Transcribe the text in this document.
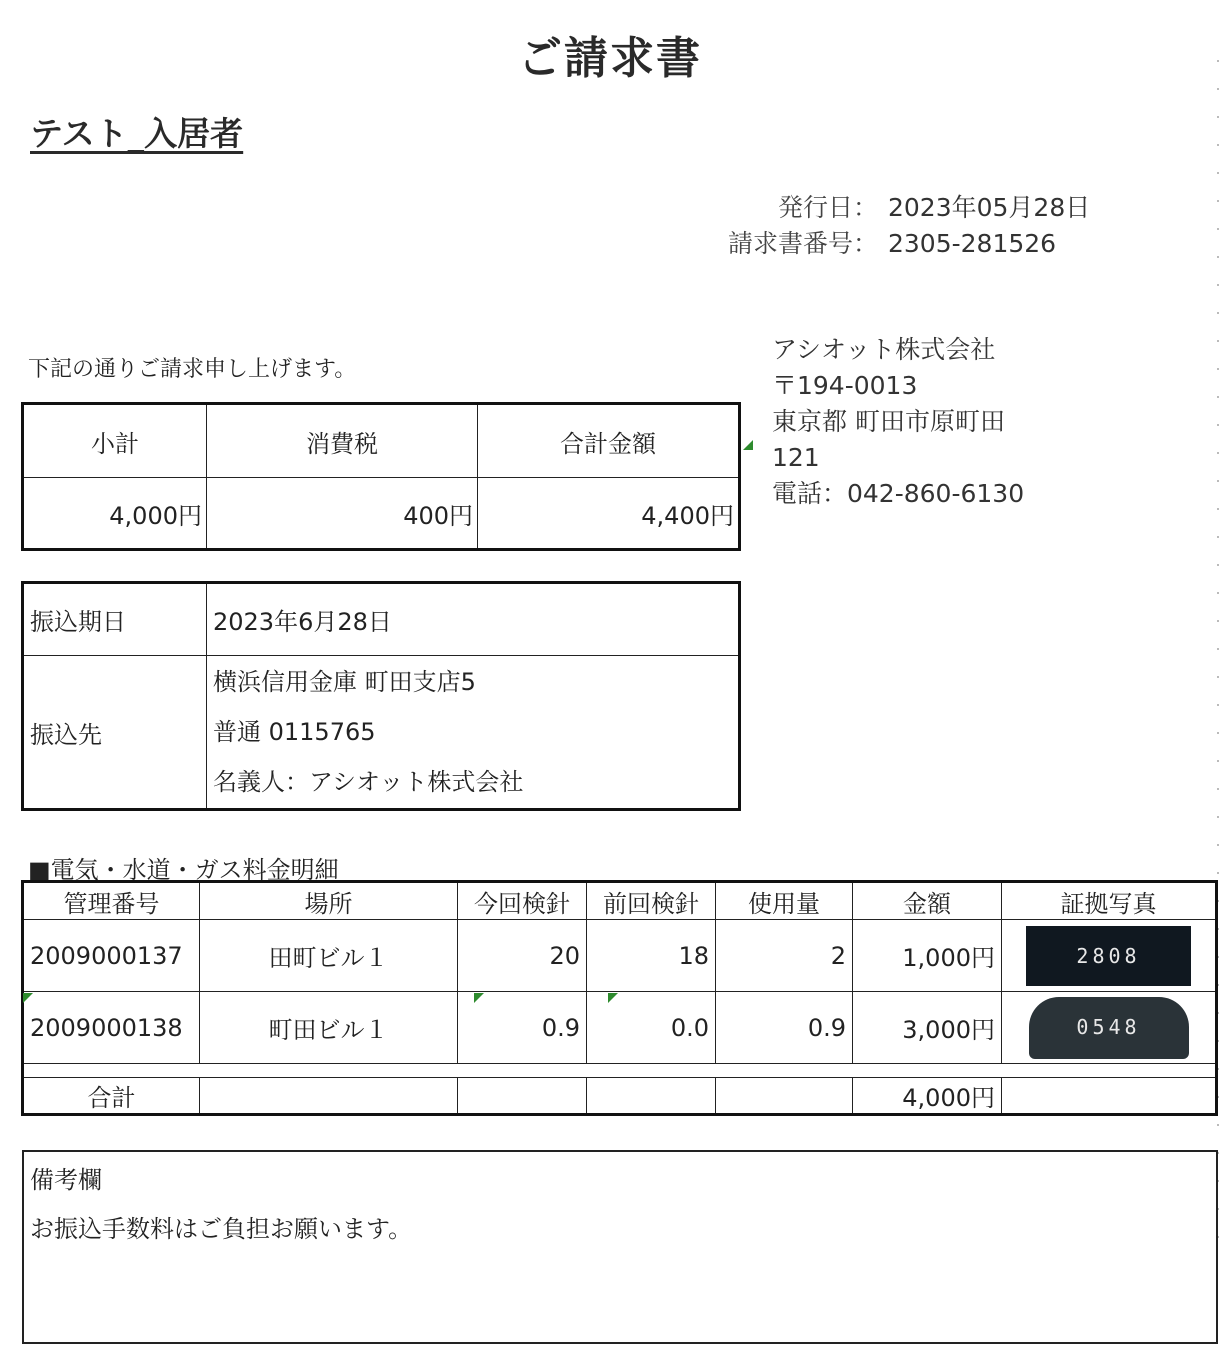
ご請求書
テスト_入居者
発行日： 2023年05月28日
請求書番号： 2305-281526
下記の通りご請求申し上げます。
アシオット株式会社
〒194-0013
東京都 町田市原町田
121
電話：042-860-6130
小計	消費税	合計金額
4,000円	400円	4,400円
振込期日	2023年6月28日
振込先	横浜信用金庫 町田支店5
普通 0115765
名義人：アシオット株式会社
■電気・水道・ガス料金明細
管理番号	場所	今回検針	前回検針	使用量	金額	証拠写真
2009000137	田町ビル１	20	18	2	1,000円	2808
2009000138	町田ビル１	0.9	0.0	0.9	3,000円	0548

合計					4,000円	
備考欄
お振込手数料はご負担お願います。
